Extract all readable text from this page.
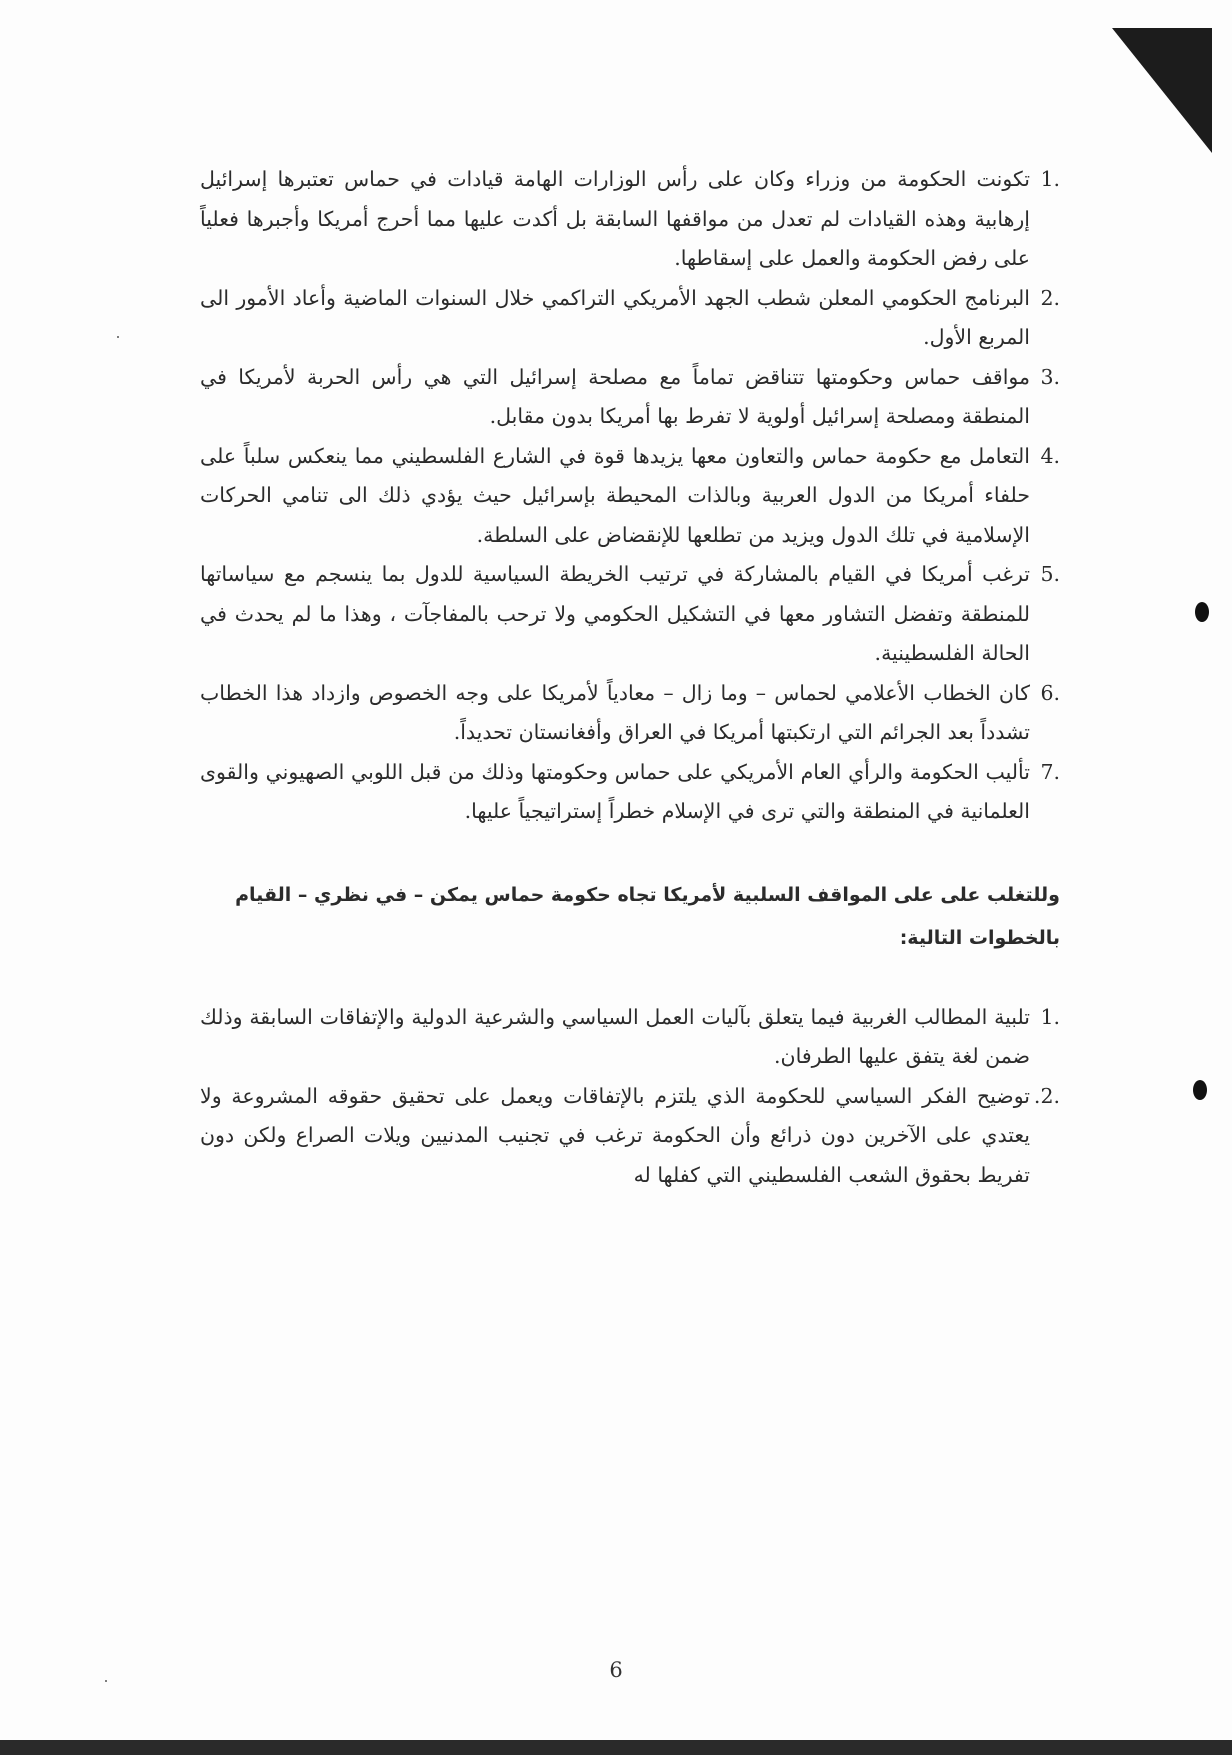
1.
تكونت الحكومة من وزراء وكان على رأس الوزارات الهامة قيادات في حماس تعتبرها إسرائيل إرهابية وهذه القيادات لم تعدل من مواقفها السابقة بل أكدت عليها مما أحرج أمريكا وأجبرها فعلياً على رفض الحكومة والعمل على إسقاطها.
2.
البرنامج الحكومي المعلن شطب الجهد الأمريكي التراكمي خلال السنوات الماضية وأعاد الأمور الى المربع الأول.
3.
مواقف حماس وحكومتها تتناقض تماماً مع مصلحة إسرائيل التي هي رأس الحربة لأمريكا في المنطقة ومصلحة إسرائيل أولوية لا تفرط بها أمريكا بدون مقابل.
4.
التعامل مع حكومة حماس والتعاون معها يزيدها قوة في الشارع الفلسطيني مما ينعكس سلباً على حلفاء أمريكا من الدول العربية وبالذات المحيطة بإسرائيل حيث يؤدي ذلك الى تنامي الحركات الإسلامية في تلك الدول ويزيد من تطلعها للإنقضاض على السلطة.
5.
ترغب أمريكا في القيام بالمشاركة في ترتيب الخريطة السياسية للدول بما ينسجم مع سياساتها للمنطقة وتفضل التشاور معها في التشكيل الحكومي ولا ترحب بالمفاجآت ، وهذا ما لم يحدث في الحالة الفلسطينية.
6.
كان الخطاب الأعلامي لحماس – وما زال – معادياً لأمريكا على وجه الخصوص وازداد هذا الخطاب تشدداً بعد الجرائم التي ارتكبتها أمريكا في العراق وأفغانستان تحديداً.
7.
تأليب الحكومة والرأي العام الأمريكي على حماس وحكومتها وذلك من قبل اللوبي الصهيوني والقوى العلمانية في المنطقة والتي ترى في الإسلام خطراً إستراتيجياً عليها.
وللتغلب على على المواقف السلبية لأمريكا تجاه حكومة حماس يمكن – في نظري – القيام بالخطوات التالية:
1.
تلبية المطالب الغربية فيما يتعلق بآليات العمل السياسي والشرعية الدولية والإتفاقات السابقة وذلك ضمن لغة يتفق عليها الطرفان.
.2.
توضيح الفكر السياسي للحكومة الذي يلتزم بالإتفاقات ويعمل على تحقيق حقوقه المشروعة ولا يعتدي على الآخرين دون ذرائع وأن الحكومة ترغب في تجنيب المدنيين ويلات الصراع ولكن دون تفريط بحقوق الشعب الفلسطيني التي كفلها له
6
